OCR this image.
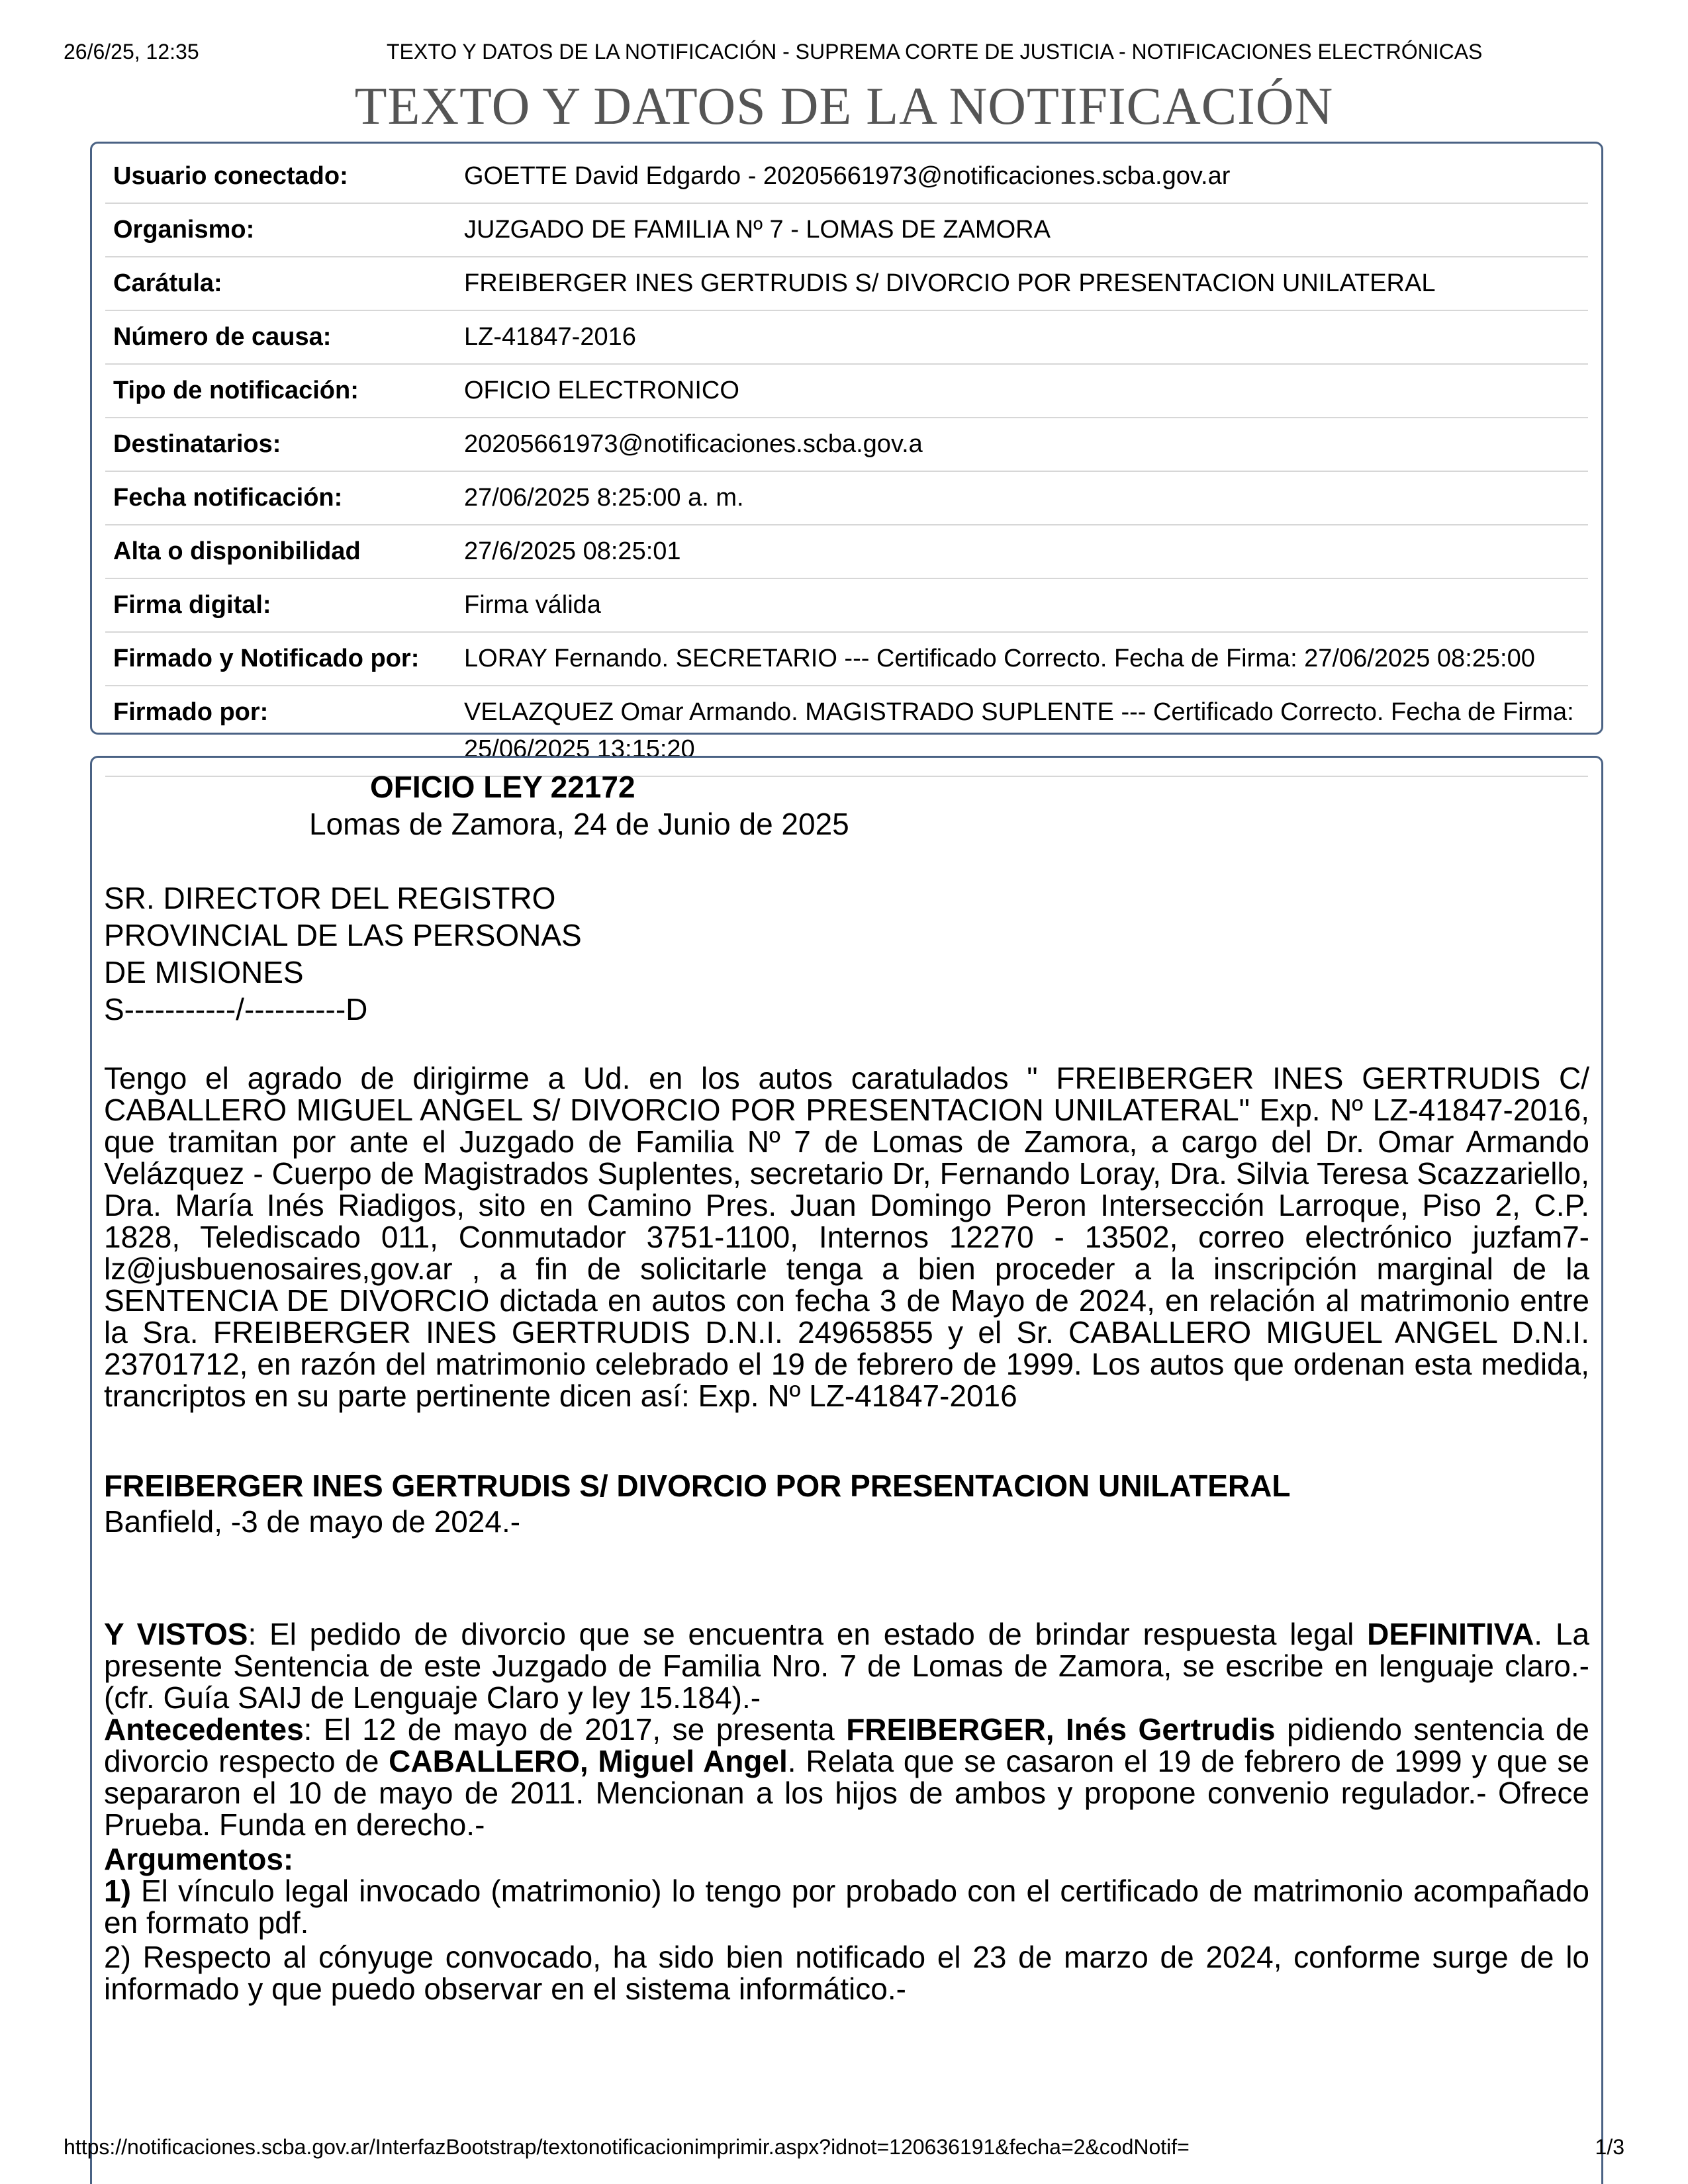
26/6/25, 12:35	TEXTO Y DATOS DE LA NOTIFICACIÓN - SUPREMA CORTE DE JUSTICIA - NOTIFICACIONES ELECTRÓNICAS
TEXTO Y DATOS DE LA NOTIFICACIÓN
Usuario conectado:	GOETTE David Edgardo - 20205661973@notificaciones.scba.gov.ar
Organismo:	JUZGADO DE FAMILIA Nº 7 - LOMAS DE ZAMORA
Carátula:	FREIBERGER INES GERTRUDIS S/ DIVORCIO POR PRESENTACION UNILATERAL
Número de causa:	LZ-41847-2016
Tipo de notificación:	OFICIO ELECTRONICO
Destinatarios:	20205661973@notificaciones.scba.gov.a
Fecha notificación:	27/06/2025 8:25:00 a. m.
Alta o disponibilidad	27/6/2025 08:25:01
Firma digital:	Firma válida
Firmado y Notificado por:	LORAY Fernando. SECRETARIO --- Certificado Correcto. Fecha de Firma: 27/06/2025 08:25:00
Firmado por:	VELAZQUEZ Omar Armando. MAGISTRADO SUPLENTE --- Certificado Correcto. Fecha de Firma: 25/06/2025 13:15:20
OFICIO LEY 22172
Lomas de Zamora, 24 de Junio de 2025
SR. DIRECTOR DEL REGISTRO
PROVINCIAL DE LAS PERSONAS
DE MISIONES
S-----------/----------D
Tengo el agrado de dirigirme a Ud. en los autos caratulados " FREIBERGER INES GERTRUDIS C/ CABALLERO MIGUEL ANGEL S/ DIVORCIO POR PRESENTACION UNILATERAL" Exp. Nº LZ-41847-2016, que tramitan por ante el Juzgado de Familia Nº 7 de Lomas de Zamora, a cargo del Dr. Omar Armando Velázquez - Cuerpo de Magistrados Suplentes, secretario Dr, Fernando Loray, Dra. Silvia Teresa Scazzariello, Dra. María Inés Riadigos, sito en Camino Pres. Juan Domingo Peron Intersección Larroque, Piso 2, C.P. 1828, Telediscado 011, Conmutador 3751-1100, Internos 12270 - 13502, correo electrónico juzfam7-lz@jusbuenosaires,gov.ar , a fin de solicitarle tenga a bien proceder a la inscripción marginal de la SENTENCIA DE DIVORCIO dictada en autos con fecha 3 de Mayo de 2024, en relación al matrimonio entre la Sra. FREIBERGER INES GERTRUDIS D.N.I. 24965855 y el Sr. CABALLERO MIGUEL ANGEL D.N.I. 23701712, en razón del matrimonio celebrado el 19 de febrero de 1999. Los autos que ordenan esta medida, trancriptos en su parte pertinente dicen así: Exp. Nº LZ-41847-2016
FREIBERGER INES GERTRUDIS S/ DIVORCIO POR PRESENTACION UNILATERAL
Banfield, -3 de mayo de 2024.-

Y VISTOS: El pedido de divorcio que se encuentra en estado de brindar respuesta legal DEFINITIVA. La presente Sentencia de este Juzgado de Familia Nro. 7 de Lomas de Zamora, se escribe en lenguaje claro.- (cfr. Guía SAIJ de Lenguaje Claro y ley 15.184).-

Antecedentes: El 12 de mayo de 2017, se presenta FREIBERGER, Inés Gertrudis pidiendo sentencia de divorcio respecto de CABALLERO, Miguel Angel. Relata que se casaron el 19 de febrero de 1999 y que se separaron el 10 de mayo de 2011. Mencionan a los hijos de ambos y propone convenio regulador.- Ofrece Prueba. Funda en derecho.-

Argumentos:

1) El vínculo legal invocado (matrimonio) lo tengo por probado con el certificado de matrimonio acompañado en formato pdf.

2) Respecto al cónyuge convocado, ha sido bien notificado el 23 de marzo de 2024, conforme surge de lo informado y que puedo observar en el sistema informático.-

https://notificaciones.scba.gov.ar/InterfazBootstrap/textonotificacionimprimir.aspx?idnot=120636191&fecha=2&codNotif=	1/3
